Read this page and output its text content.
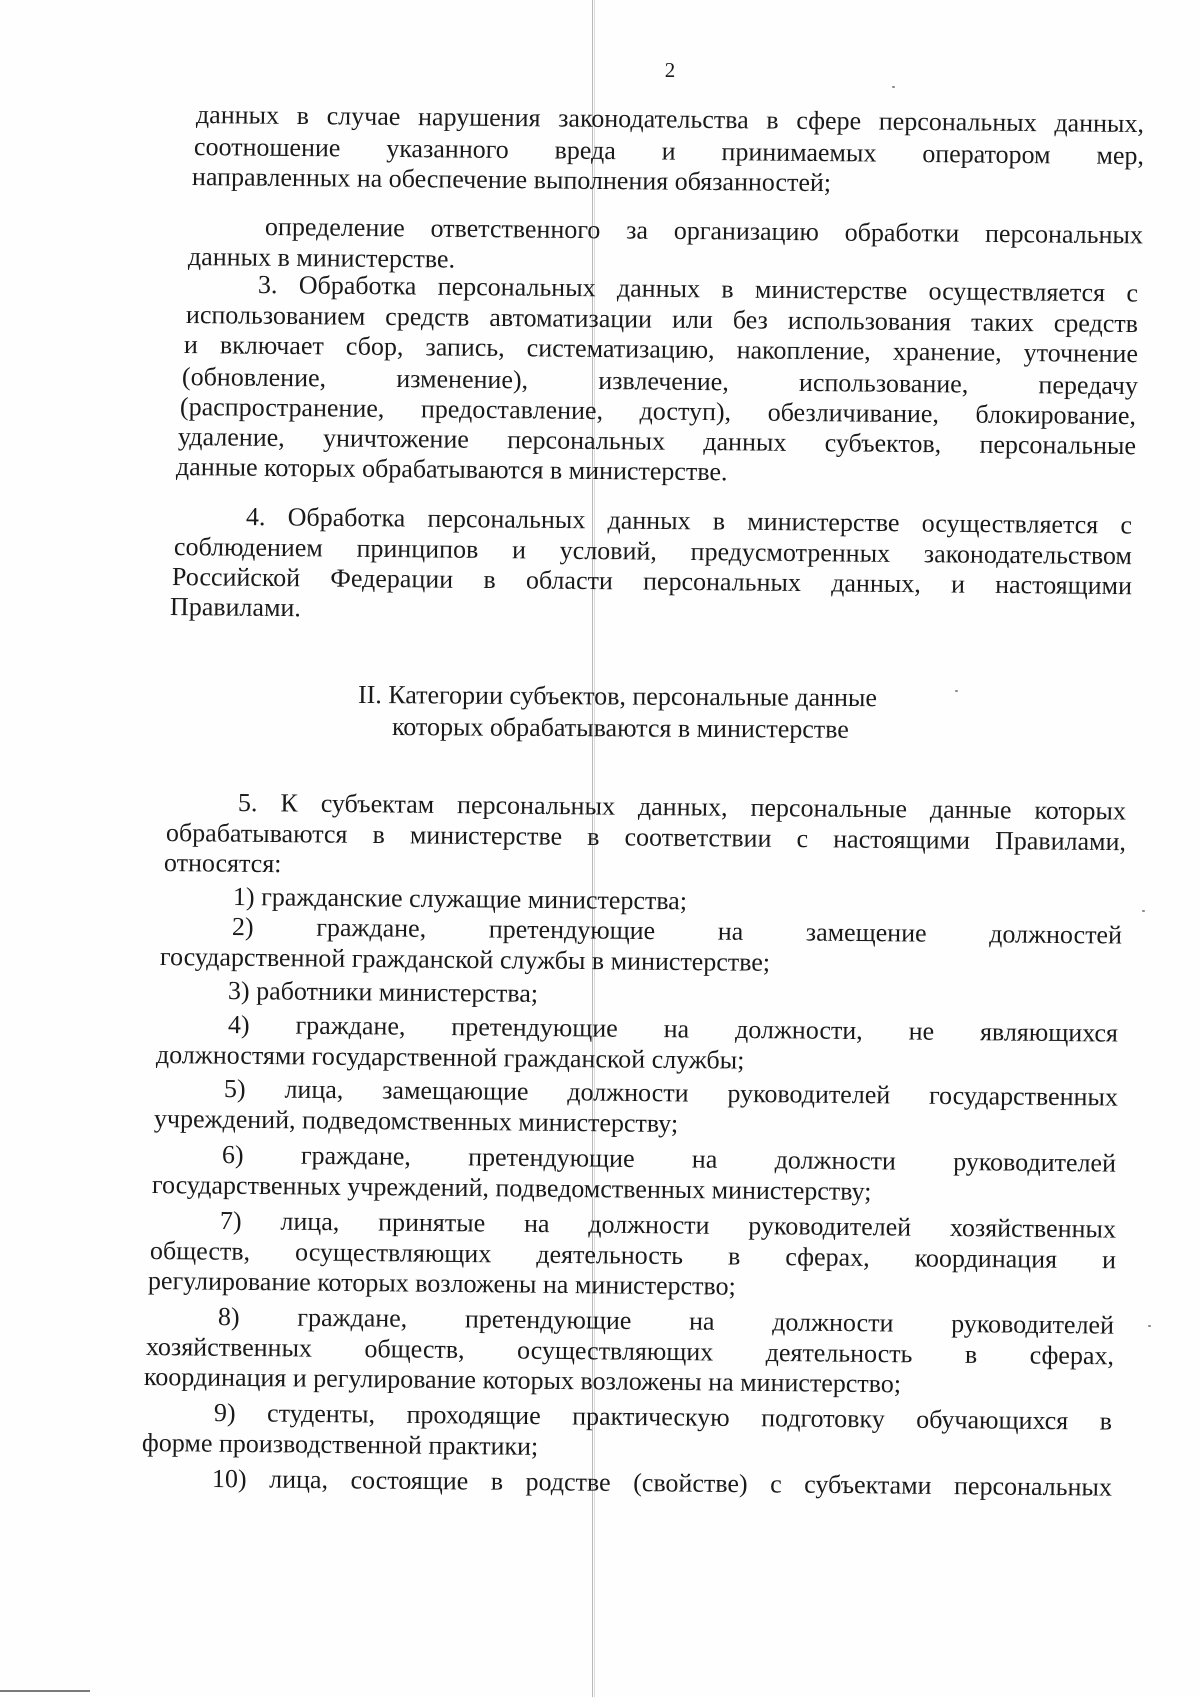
2
данных в случае нарушения законодательства в сфере персональных данных,
соотношение указанного вреда и принимаемых оператором мер,
направленных на обеспечение выполнения обязанностей;
определение ответственного за организацию обработки персональных
данных в министерстве.
3. Обработка персональных данных в министерстве осуществляется с
использованием средств автоматизации или без использования таких средств
и включает сбор, запись, систематизацию, накопление, хранение, уточнение
(обновление, изменение), извлечение, использование, передачу
(распространение, предоставление, доступ), обезличивание, блокирование,
удаление, уничтожение персональных данных субъектов, персональные
данные которых обрабатываются в министерстве.
4. Обработка персональных данных в министерстве осуществляется с
соблюдением принципов и условий, предусмотренных законодательством
Российской Федерации в области персональных данных, и настоящими
Правилами.
II. Категории субъектов, персональные данные
которых обрабатываются в министерстве
5. К субъектам персональных данных, персональные данные которых
обрабатываются в министерстве в соответствии с настоящими Правилами,
относятся:
1) гражданские служащие министерства;
2) граждане, претендующие на замещение должностей
государственной гражданской службы в министерстве;
3) работники министерства;
4) граждане, претендующие на должности, не являющихся
должностями государственной гражданской службы;
5) лица, замещающие должности руководителей государственных
учреждений, подведомственных министерству;
6) граждане, претендующие на должности руководителей
государственных учреждений, подведомственных министерству;
7) лица, принятые на должности руководителей хозяйственных
обществ, осуществляющих деятельность в сферах, координация и
регулирование которых возложены на министерство;
8) граждане, претендующие на должности руководителей
хозяйственных обществ, осуществляющих деятельность в сферах,
координация и регулирование которых возложены на министерство;
9) студенты, проходящие практическую подготовку обучающихся в
форме производственной практики;
10) лица, состоящие в родстве (свойстве) с субъектами персональных
